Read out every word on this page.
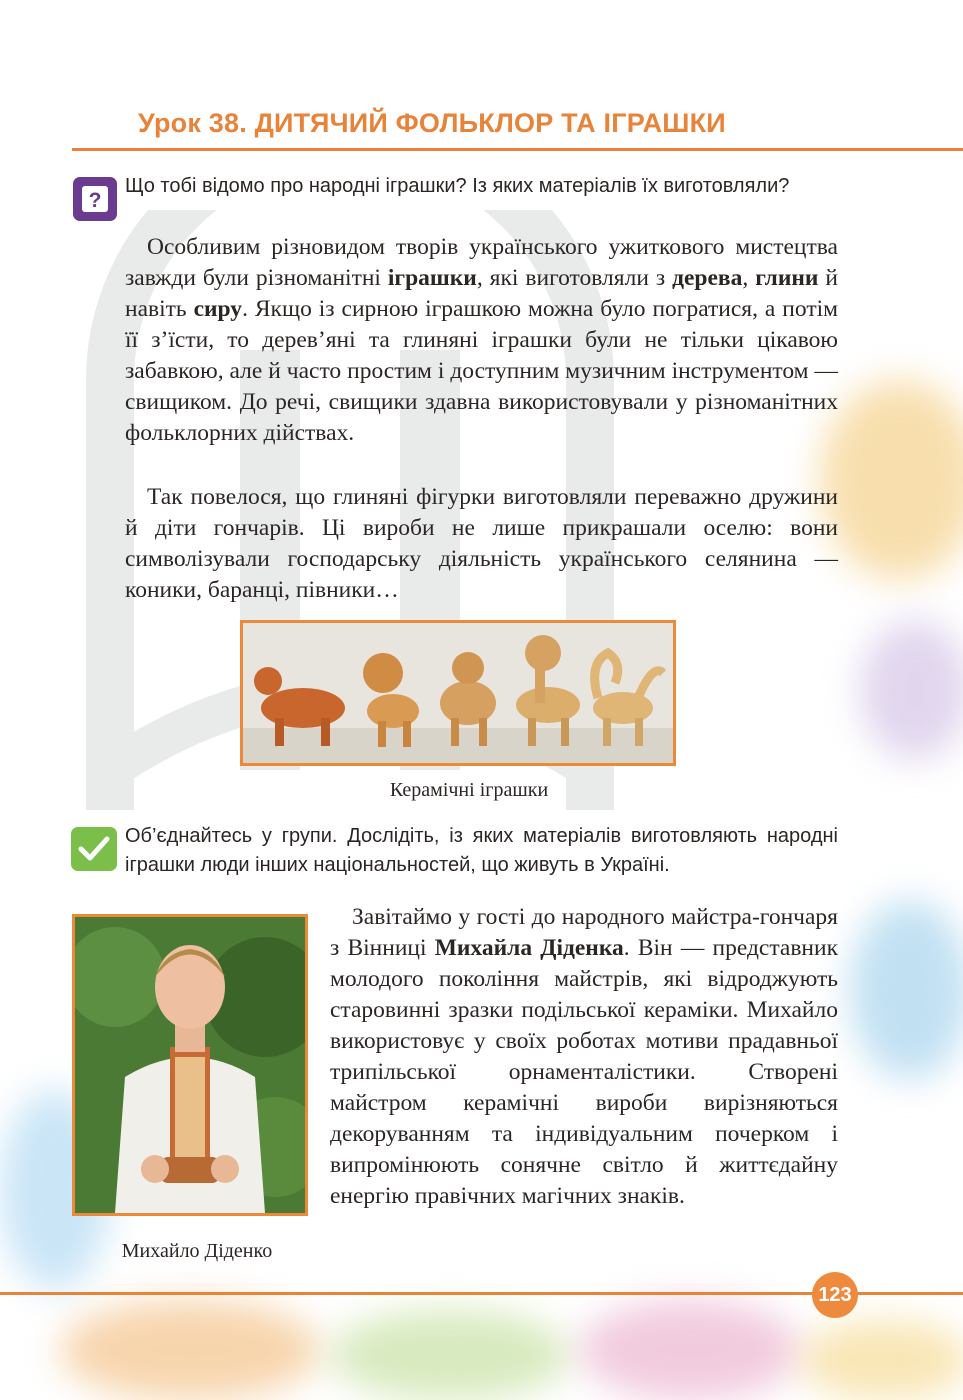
Урок 38. ДИТЯЧИЙ ФОЛЬКЛОР ТА ІГРАШКИ
?
Що тобі відомо про народні іграшки? Із яких матеріалів їх виготовляли?
Особливим різновидом творів українського ужиткового мистецтва завжди були різноманітні іграшки, які виготовляли з дерева, глини й навіть сиру. Якщо із сирною іграшкою можна було погратися, а потім її з’їсти, то дерев’яні та глиняні іграшки були не тільки цікавою забавкою, але й часто простим і доступним музичним інструментом — свищиком. До речі, свищики здавна використовували у різноманітних фольклорних дійствах.
Так повелося, що глиняні фігурки виготовляли переважно дружини й діти гончарів. Ці вироби не лише прикрашали оселю: вони символізували господарську діяльність українського селянина — коники, баранці, півники…
Керамічні іграшки
Об’єднайтесь у групи. Дослідіть, із яких матеріалів виготовляють народні іграшки люди інших національностей, що живуть в Україні.
Михайло Діденко
Завітаймо у гості до народного майстра-гончаря з Вінниці Михайла Діденка. Він — представник молодого покоління майстрів, які відроджують старовинні зразки подільської кераміки. Михайло використовує у своїх роботах мотиви прадавньої трипільської орнаменталістики. Створені майстром керамічні вироби вирізняються декоруванням та індивідуальним почерком і випромінюють сонячне світло й життєдайну енергію правічних магічних знаків.
123
